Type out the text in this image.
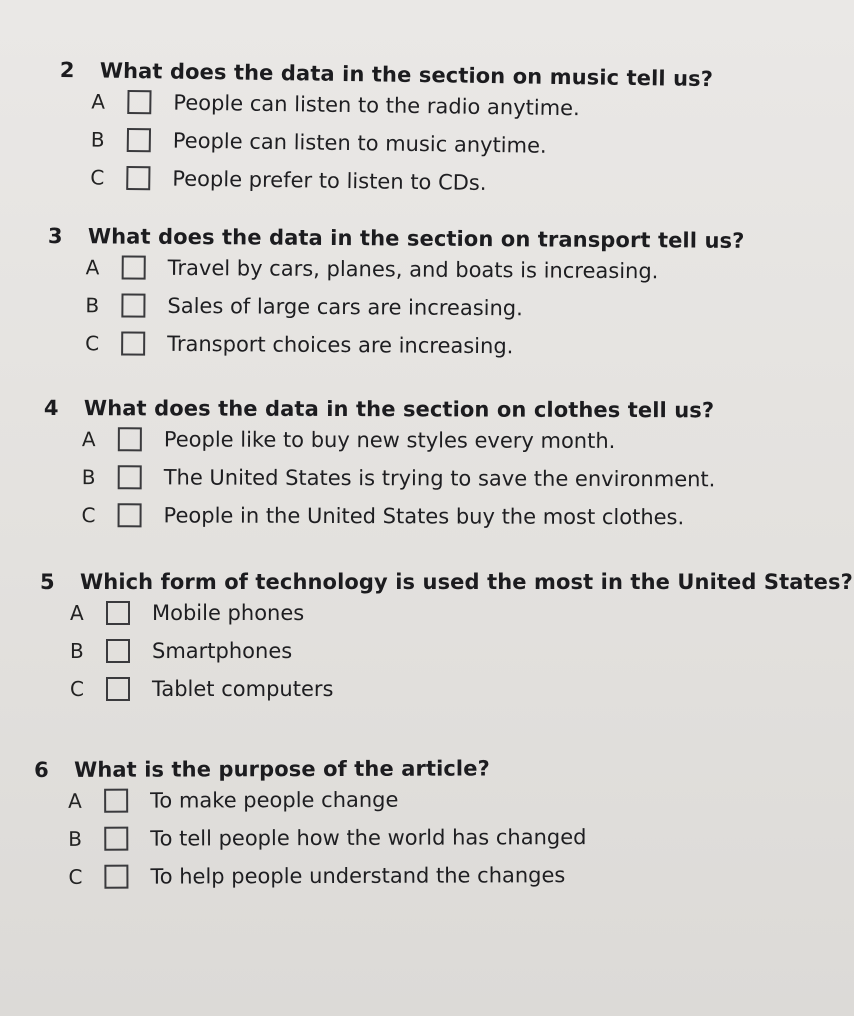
2	What does the data in the section on music tell us?
A	People can listen to the radio anytime.
B	People can listen to music anytime.
C	People prefer to listen to CDs.
3	What does the data in the section on transport tell us?
A	Travel by cars, planes, and boats is increasing.
B	Sales of large cars are increasing.
C	Transport choices are increasing.
4	What does the data in the section on clothes tell us?
A	People like to buy new styles every month.
B	The United States is trying to save the environment.
C	People in the United States buy the most clothes.
5	Which form of technology is used the most in the United States?
A	Mobile phones
B	Smartphones
C	Tablet computers
6	What is the purpose of the article?
A	To make people change
B	To tell people how the world has changed
C	To help people understand the changes
